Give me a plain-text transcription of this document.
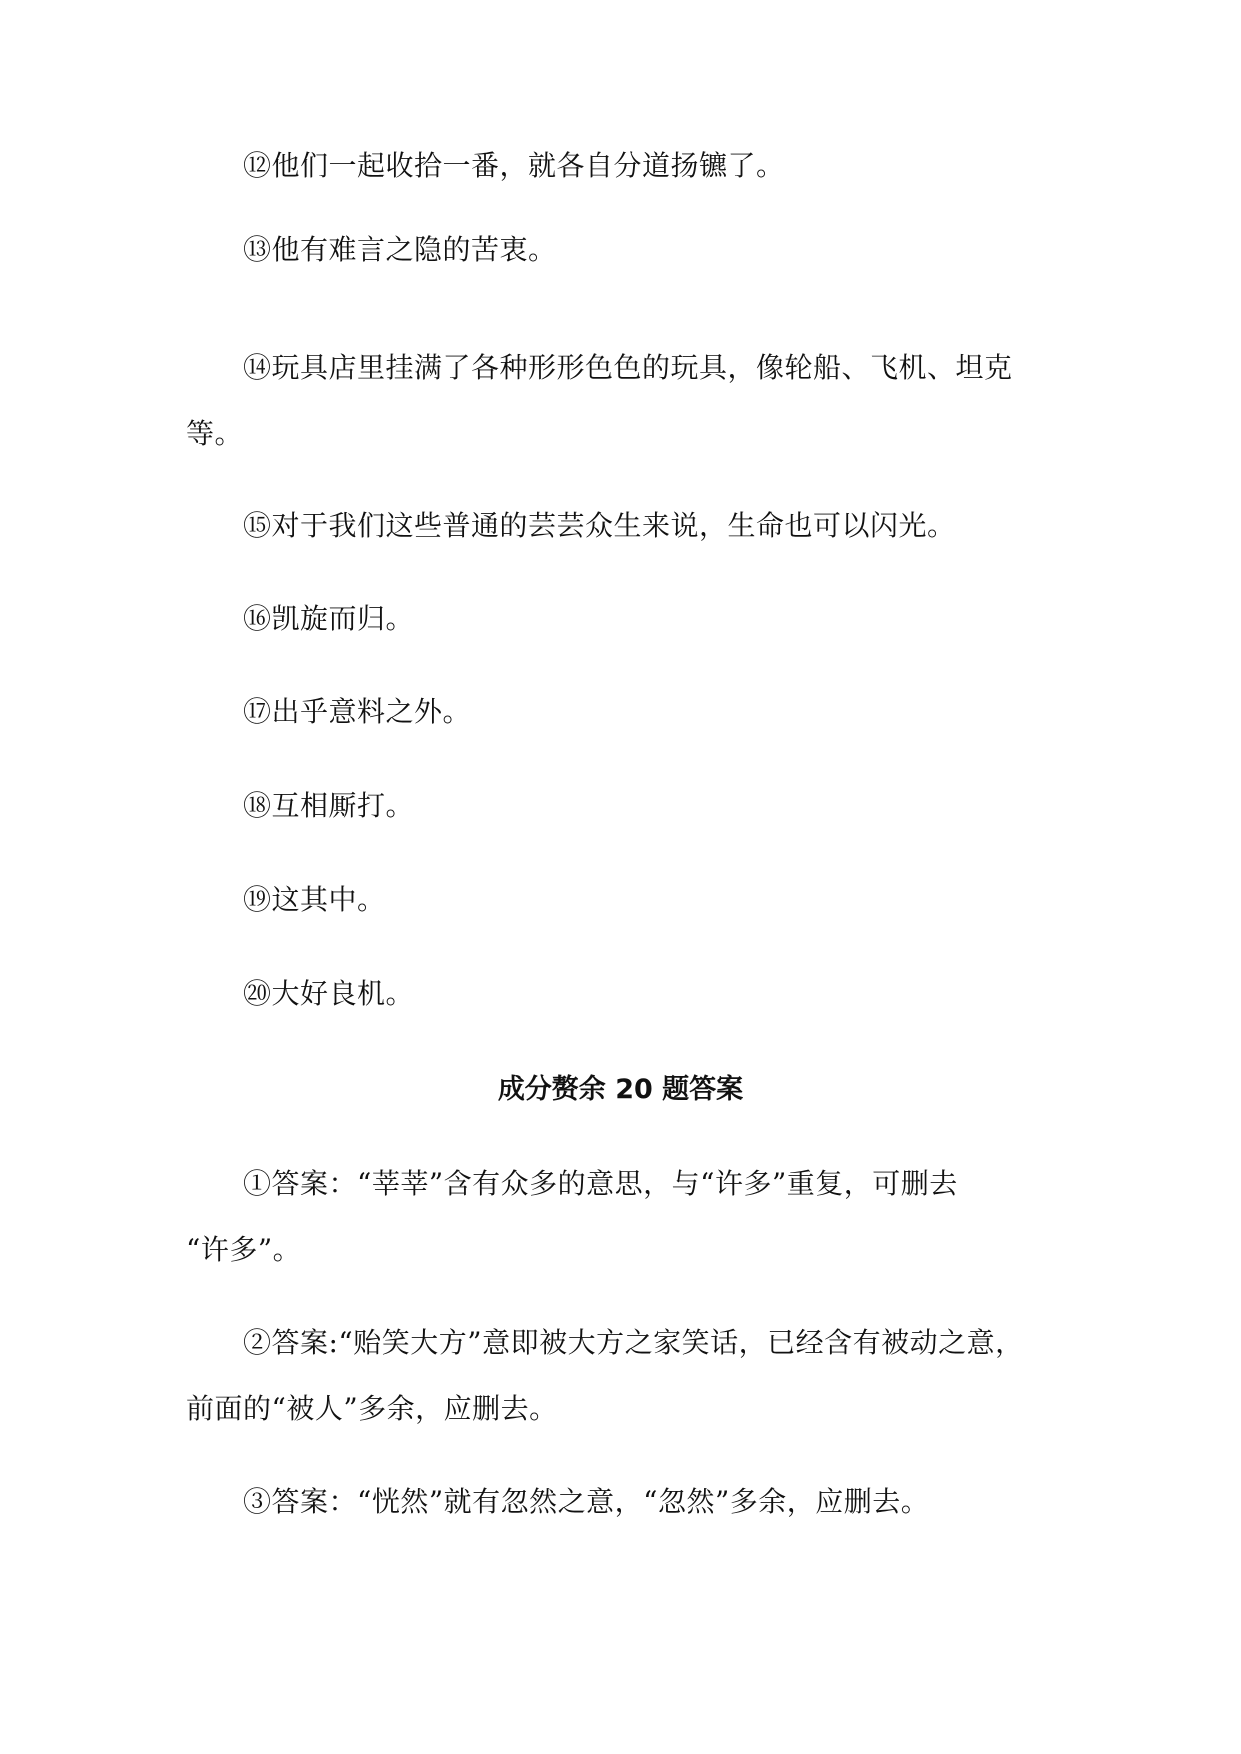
⑫他们一起收拾一番，就各自分道扬镳了。
⑬他有难言之隐的苦衷。
⑭玩具店里挂满了各种形形色色的玩具，像轮船、飞机、坦克
等。
⑮对于我们这些普通的芸芸众生来说，生命也可以闪光。
⑯凯旋而归。
⑰出乎意料之外。
⑱互相厮打。
⑲这其中。
⑳大好良机。
成分赘余 20 题答案
①答案：“莘莘”含有众多的意思，与“许多”重复，可删去
“许多”。
②答案:“贻笑大方”意即被大方之家笑话，已经含有被动之意，
前面的“被人”多余，应删去。
③答案：“恍然”就有忽然之意，“忽然”多余，应删去。
